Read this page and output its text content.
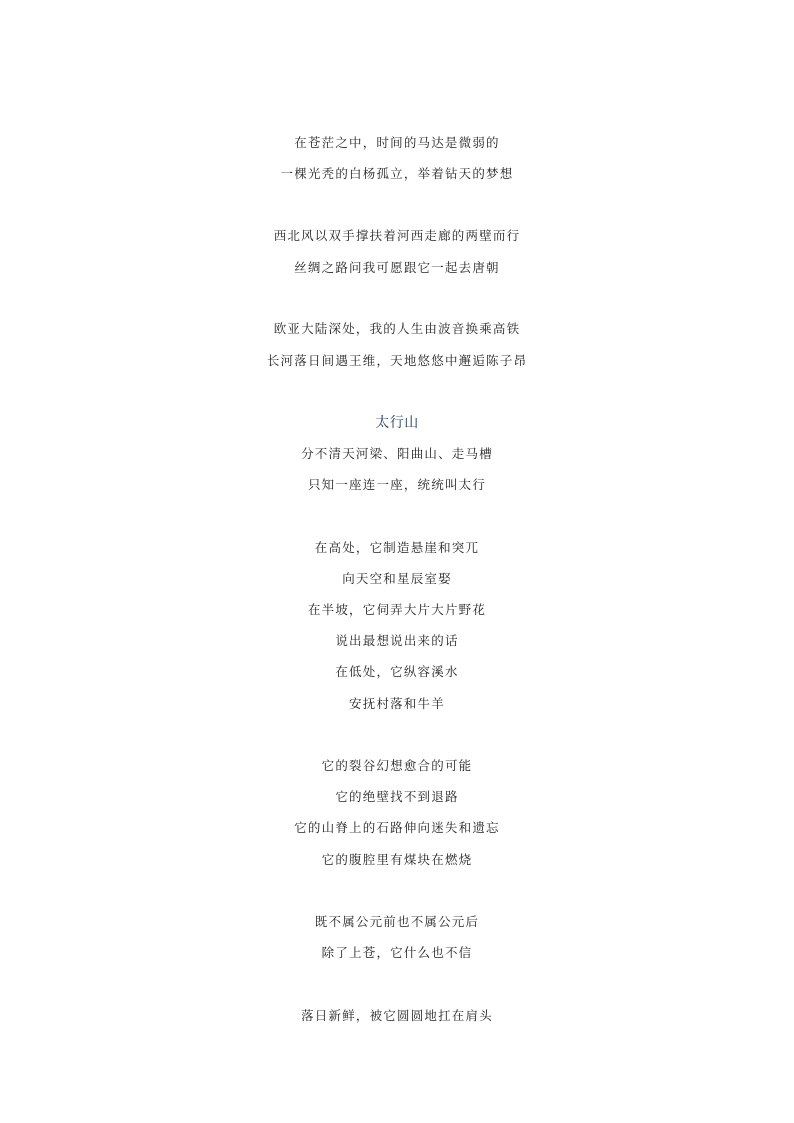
在苍茫之中，时间的马达是微弱的
一棵光秃的白杨孤立，举着钻天的梦想
西北风以双手撑扶着河西走廊的两壁而行
丝绸之路问我可愿跟它一起去唐朝
欧亚大陆深处，我的人生由波音换乘高铁
长河落日间遇王维，天地悠悠中邂逅陈子昂
太行山
分不清天河梁、阳曲山、走马槽
只知一座连一座，统统叫太行
在高处，它制造悬崖和突兀
向天空和星辰室娶
在半坡，它伺弄大片大片野花
说出最想说出来的话
在低处，它纵容溪水
安抚村落和牛羊
它的裂谷幻想愈合的可能
它的绝壁找不到退路
它的山脊上的石路伸向迷失和遗忘
它的腹腔里有煤块在燃烧
既不属公元前也不属公元后
除了上苍，它什么也不信
落日新鲜，被它圆圆地扛在肩头
